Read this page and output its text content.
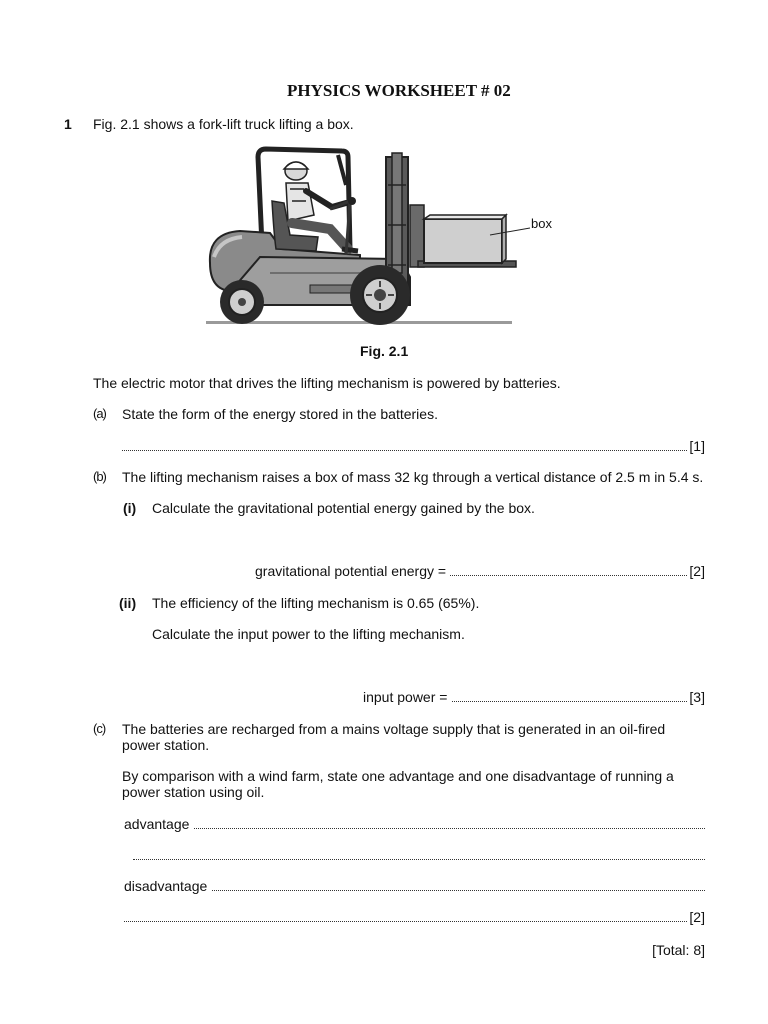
PHYSICS WORKSHEET # 02
1 Fig. 2.1 shows a fork-lift truck lifting a box.
box
Fig. 2.1
The electric motor that drives the lifting mechanism is powered by batteries.
(a) State the form of the energy stored in the batteries.
[1]
(b) The lifting mechanism raises a box of mass 32 kg through a vertical distance of 2.5 m in 5.4 s.
(i) Calculate the gravitational potential energy gained by the box.
gravitational potential energy =	[2]
(ii) The efficiency of the lifting mechanism is 0.65 (65%).
Calculate the input power to the lifting mechanism.
input power =	[3]
(c) The batteries are recharged from a mains voltage supply that is generated in an oil-fired
power station.
By comparison with a wind farm, state one advantage and one disadvantage of running a
power station using oil.
advantage
disadvantage
[2]
[Total: 8]
